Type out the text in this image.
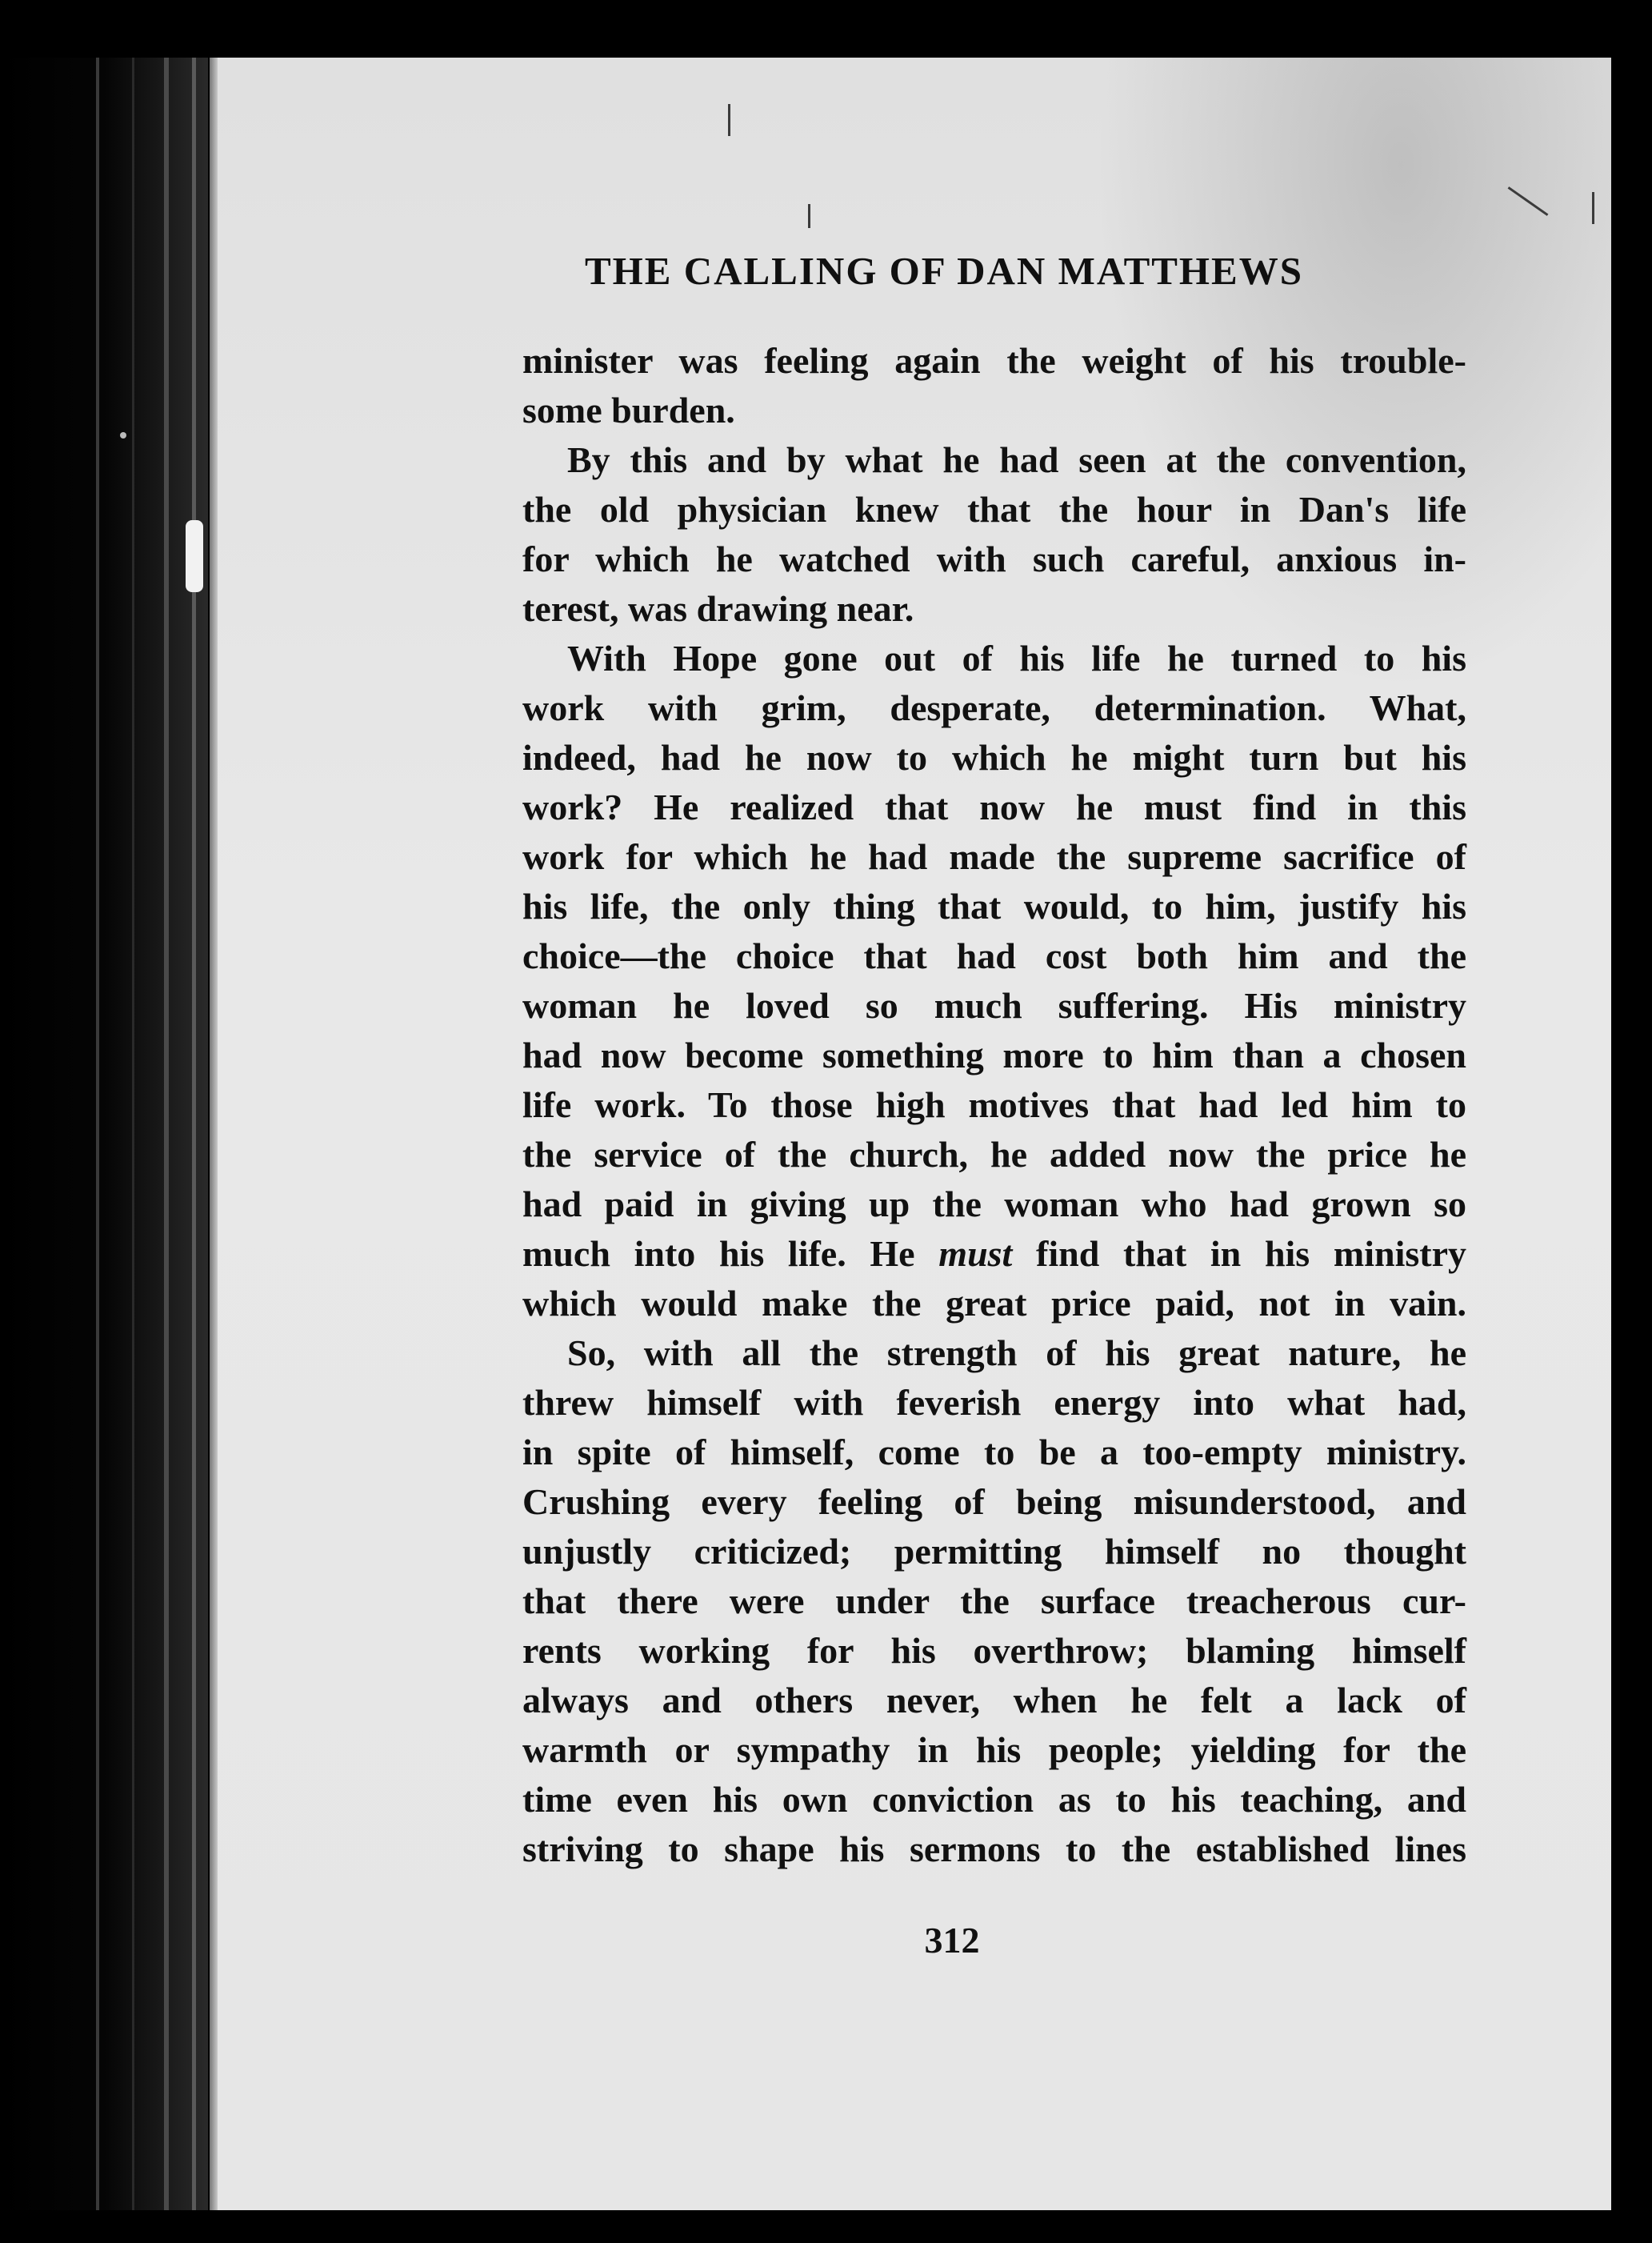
THE CALLING OF DAN MATTHEWS
minister was feeling again the weight of his trouble-
some burden.
By this and by what he had seen at the convention,
the old physician knew that the hour in Dan's life
for which he watched with such careful, anxious in-
terest, was drawing near.
With Hope gone out of his life he turned to his
work with grim, desperate, determination. What,
indeed, had he now to which he might turn but his
work? He realized that now he must find in this
work for which he had made the supreme sacrifice of
his life, the only thing that would, to him, justify his
choice—the choice that had cost both him and the
woman he loved so much suffering. His ministry
had now become something more to him than a chosen
life work. To those high motives that had led him to
the service of the church, he added now the price he
had paid in giving up the woman who had grown so
much into his life. He must find that in his ministry
which would make the great price paid, not in vain.
So, with all the strength of his great nature, he
threw himself with feverish energy into what had,
in spite of himself, come to be a too-empty ministry.
Crushing every feeling of being misunderstood, and
unjustly criticized; permitting himself no thought
that there were under the surface treacherous cur-
rents working for his overthrow; blaming himself
always and others never, when he felt a lack of
warmth or sympathy in his people; yielding for the
time even his own conviction as to his teaching, and
striving to shape his sermons to the established lines
312
